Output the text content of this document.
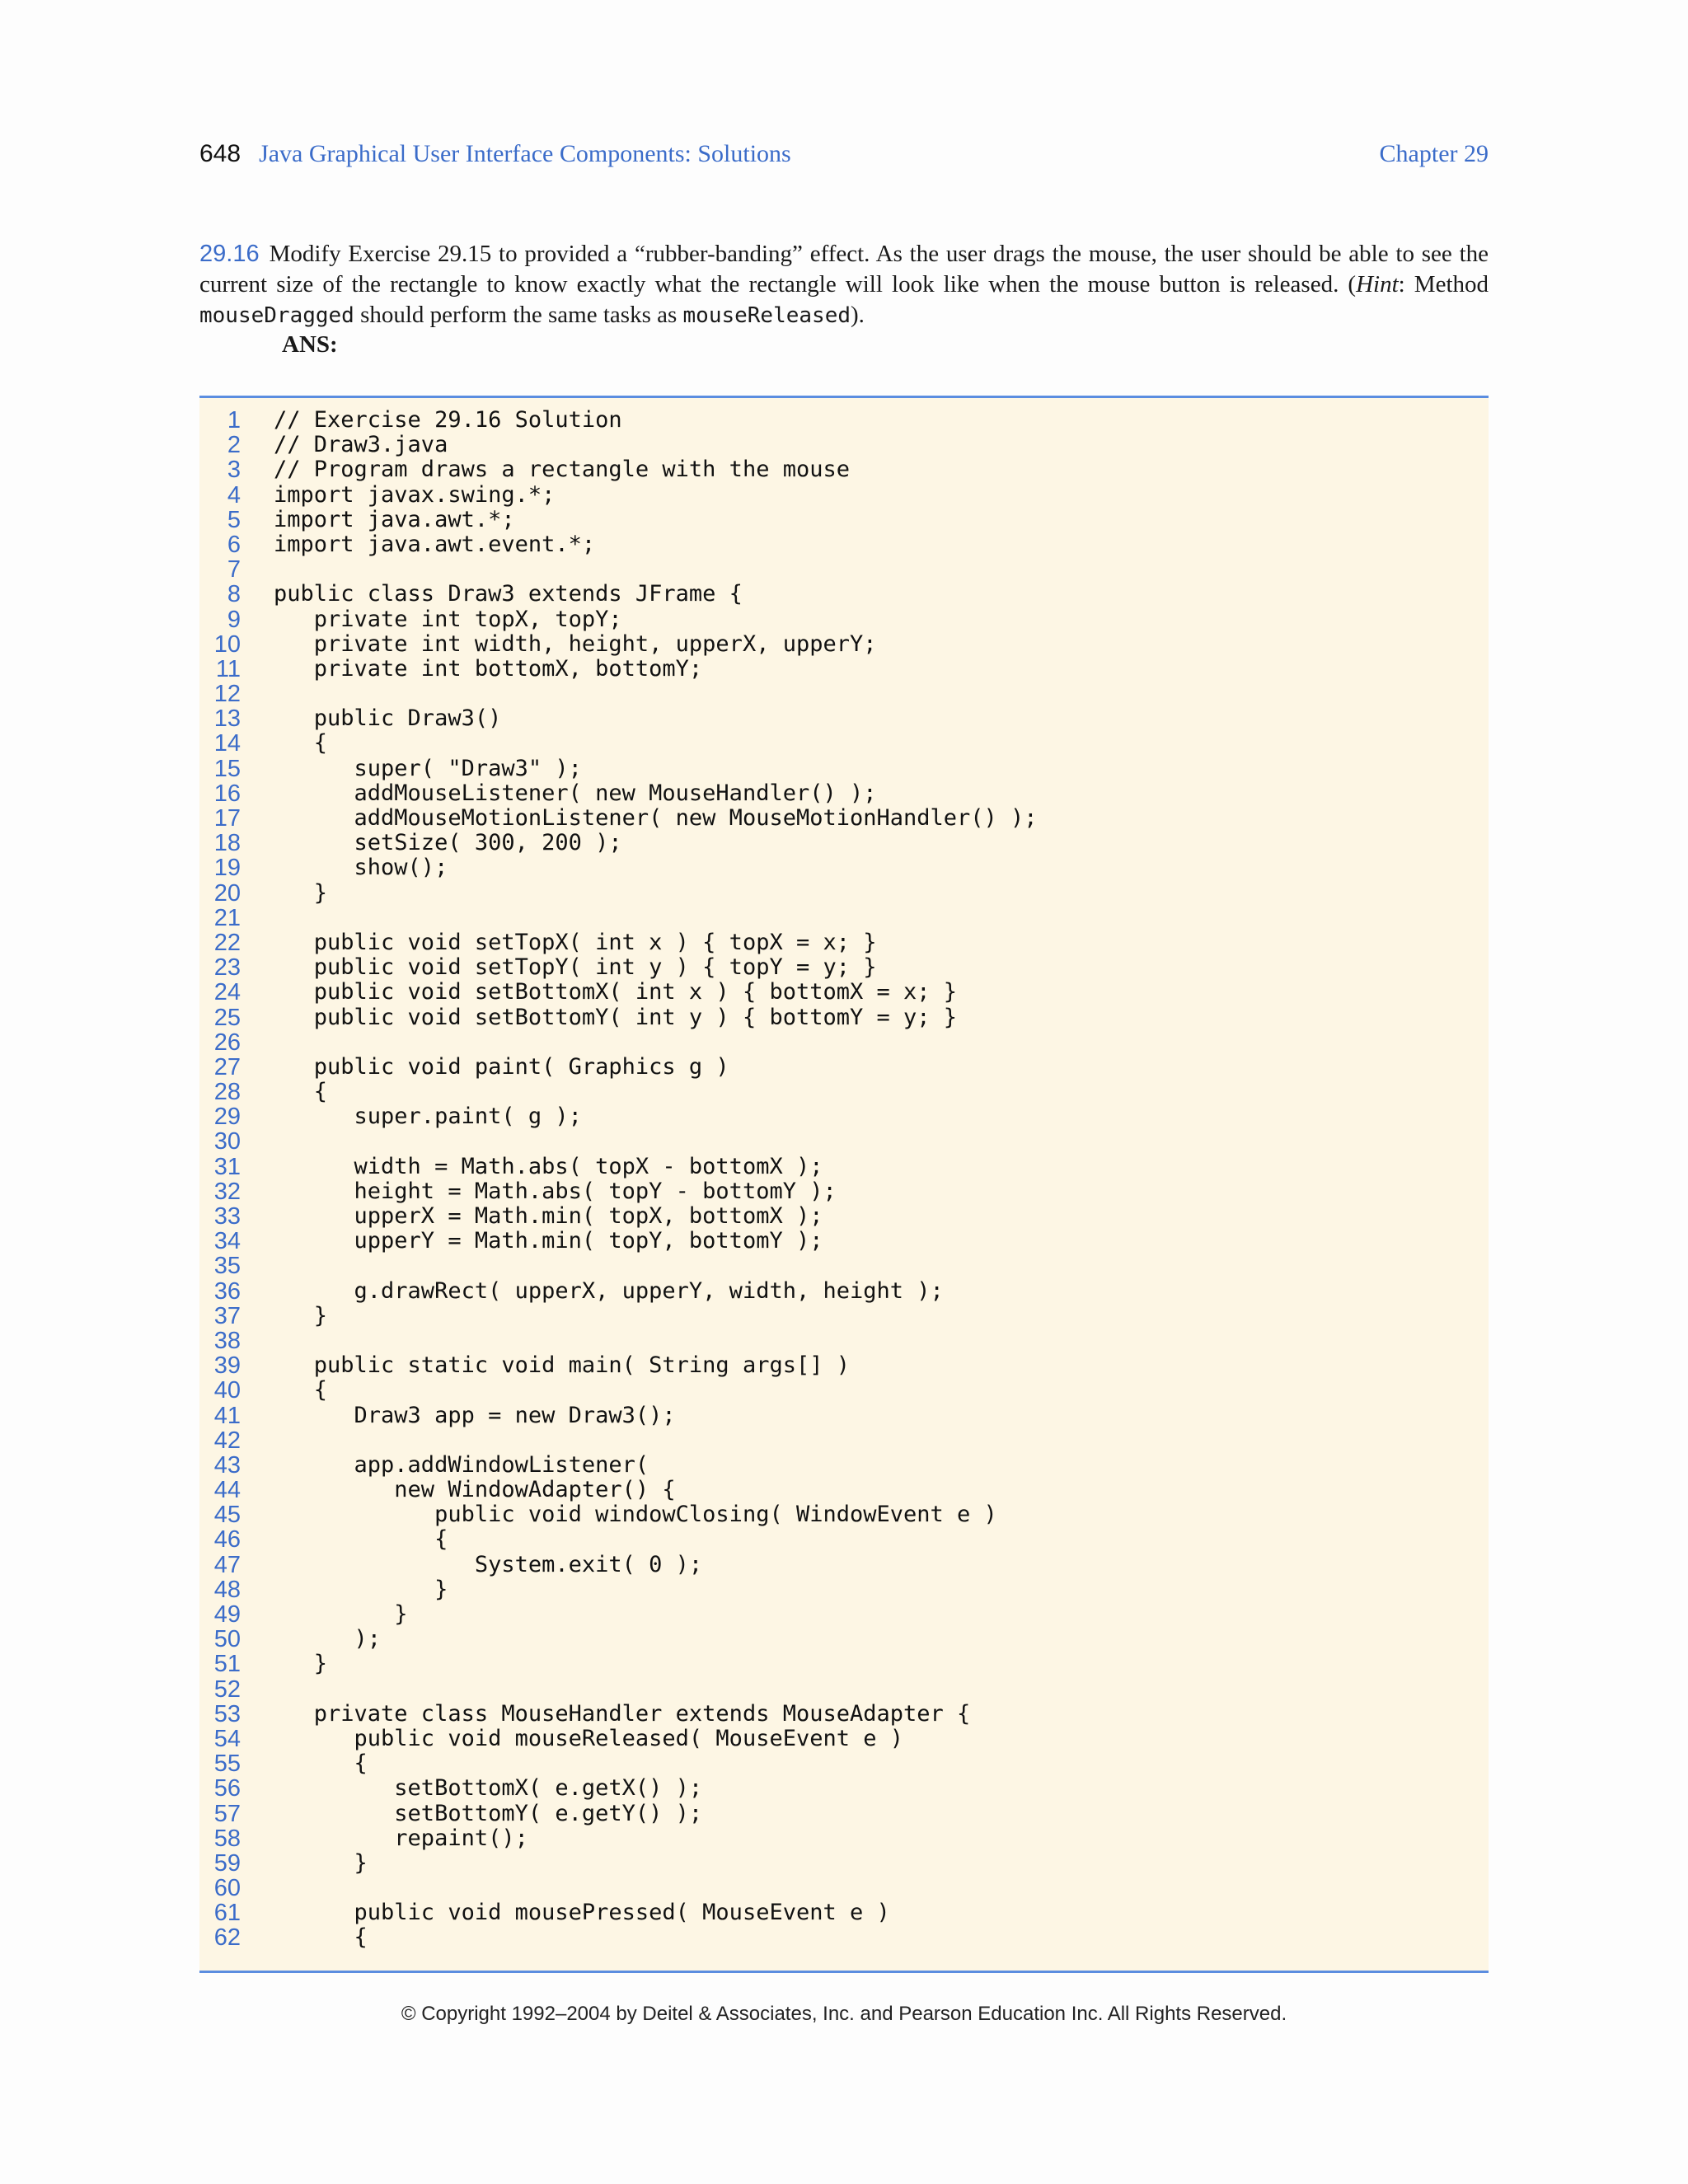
648 Java Graphical User Interface Components: Solutions	Chapter 29
29.16 Modify Exercise 29.15 to provided a “rubber-banding” effect. As the user drags the mouse, the user should be able to see the current size of the rectangle to know exactly what the rectangle will look like when the mouse button is released. (Hint: Method mouseDragged should perform the same tasks as mouseReleased).
ANS:
1 // Exercise 29.16 Solution
2 // Draw3.java
3 // Program draws a rectangle with the mouse
4 import javax.swing.*;
5 import java.awt.*;
6 import java.awt.event.*;
7
8 public class Draw3 extends JFrame {
9 private int topX, topY;
10 private int width, height, upperX, upperY;
11 private int bottomX, bottomY;
12
13 public Draw3()
14 {
15 super( "Draw3" );
16 addMouseListener( new MouseHandler() );
17 addMouseMotionListener( new MouseMotionHandler() );
18 setSize( 300, 200 );
19 show();
20 }
21
22 public void setTopX( int x ) { topX = x; }
23 public void setTopY( int y ) { topY = y; }
24 public void setBottomX( int x ) { bottomX = x; }
25 public void setBottomY( int y ) { bottomY = y; }
26
27 public void paint( Graphics g )
28 {
29 super.paint( g );
30
31 width = Math.abs( topX - bottomX );
32 height = Math.abs( topY - bottomY );
33 upperX = Math.min( topX, bottomX );
34 upperY = Math.min( topY, bottomY );
35
36 g.drawRect( upperX, upperY, width, height );
37 }
38
39 public static void main( String args[] )
40 {
41 Draw3 app = new Draw3();
42
43 app.addWindowListener(
44 new WindowAdapter() {
45 public void windowClosing( WindowEvent e )
46 {
47 System.exit( 0 );
48 }
49 }
50 );
51 }
52
53 private class MouseHandler extends MouseAdapter {
54 public void mouseReleased( MouseEvent e )
55 {
56 setBottomX( e.getX() );
57 setBottomY( e.getY() );
58 repaint();
59 }
60
61 public void mousePressed( MouseEvent e )
62 {
© Copyright 1992–2004 by Deitel & Associates, Inc. and Pearson Education Inc. All Rights Reserved.
